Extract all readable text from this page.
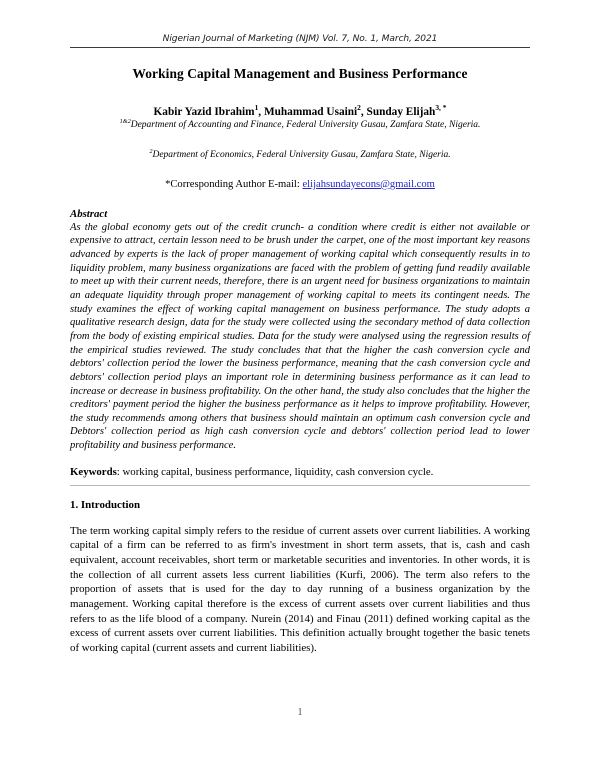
Nigerian Journal of Marketing (NJM) Vol. 7, No. 1, March, 2021
Working Capital Management and Business Performance
Kabir Yazid Ibrahim$^1$, Muhammad Usaini$^2$, Sunday Elijah$^{3, *}$
$^{1\&2}$Department of Accounting and Finance, Federal University Gusau, Zamfara State, Nigeria.
$^2$Department of Economics, Federal University Gusau, Zamfara State, Nigeria.
*Corresponding Author E-mail: elijahsundayecons@gmail.com
Abstract
As the global economy gets out of the credit crunch- a condition where credit is either not available or expensive to attract, certain lesson need to be brush under the carpet, one of the most important key reasons advanced by experts is the lack of proper management of working capital which consequently results in to liquidity problem, many business organizations are faced with the problem of getting fund readily available to meet up with their current needs, therefore, there is an urgent need for business organizations to maintain an adequate liquidity through proper management of working capital to meets its contingent needs. The study examines the effect of working capital management on business performance. The study adopts a qualitative research design, data for the study were collected using the secondary method of data collection from the body of existing empirical studies. Data for the study were analysed using the regression results of the empirical studies reviewed. The study concludes that that the higher the cash conversion cycle and debtors' collection period the lower the business performance, meaning that the cash conversion cycle and debtors' collection period plays an important role in determining business performance as it can lead to increase or decrease in business profitability. On the other hand, the study also concludes that the higher the creditors' payment period the higher the business performance as it helps to improve profitability. However, the study recommends among others that business should maintain an optimum cash conversion cycle and Debtors' collection period as high cash conversion cycle and debtors' collection period lead to lower profitability and business performance.
Keywords: working capital, business performance, liquidity, cash conversion cycle.
1. Introduction
The term working capital simply refers to the residue of current assets over current liabilities. A working capital of a firm can be referred to as firm's investment in short term assets, that is, cash and cash equivalent, account receivables, short term or marketable securities and inventories. In other words, it is the collection of all current assets less current liabilities (Kurfi, 2006). The term also refers to the proportion of assets that is used for the day to day running of a business organization by the management. Working capital therefore is the excess of current assets over current liabilities and thus refers to as the life blood of a company. Nurein (2014) and Finau (2011) defined working capital as the excess of current assets over current liabilities. This definition actually brought together the basic tenets of working capital (current assets and current liabilities).
1
